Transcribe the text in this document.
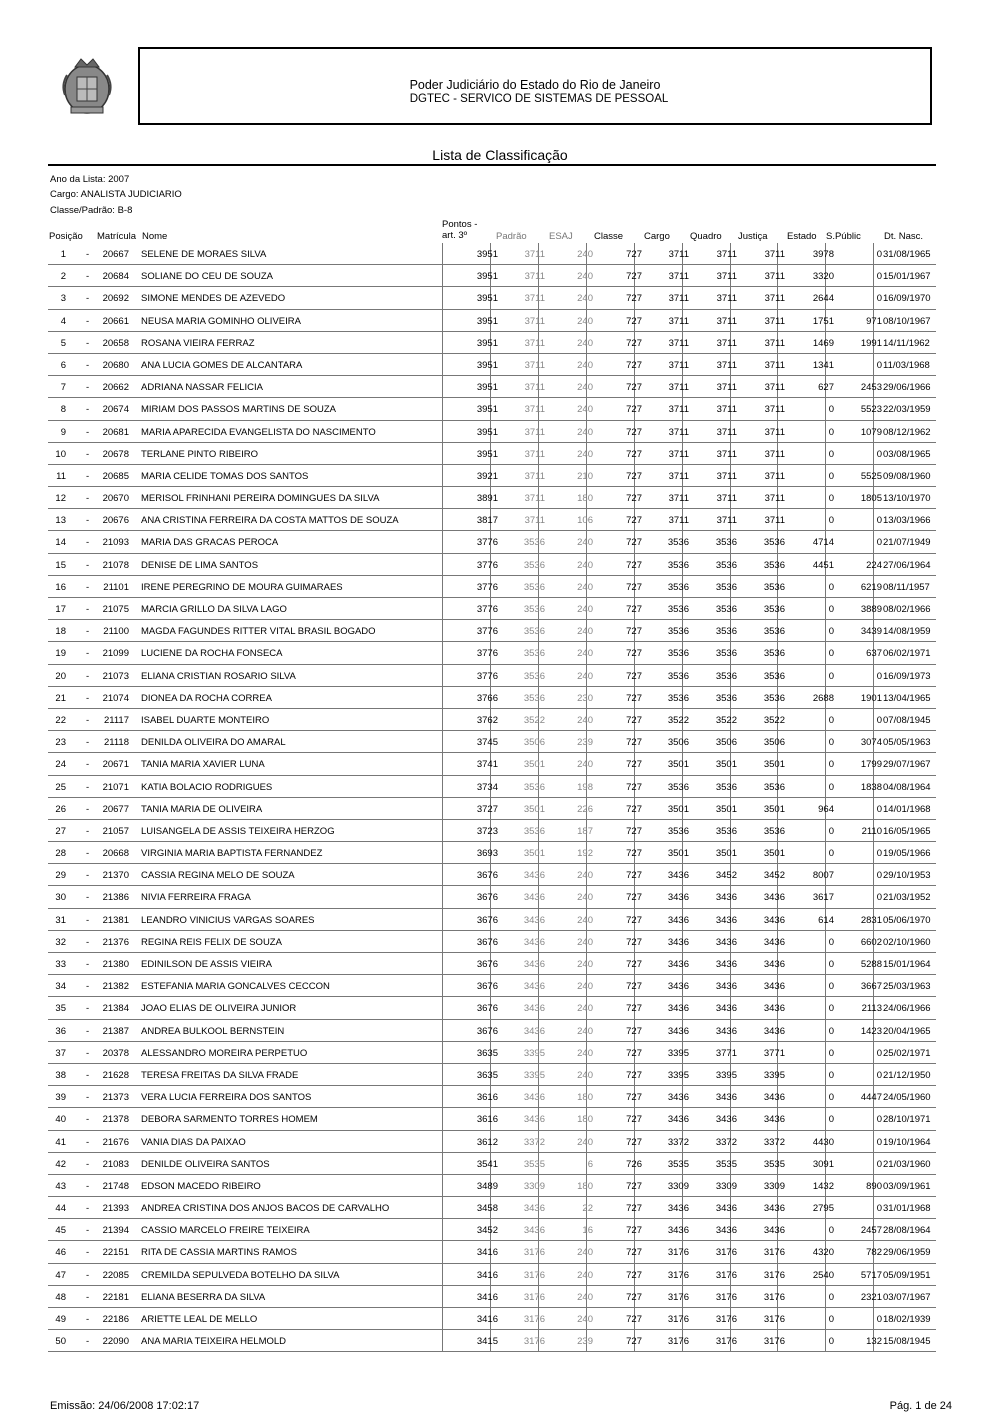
Poder Judiciário do Estado do Rio de Janeiro
DGTEC - SERVICO DE SISTEMAS DE PESSOAL
Lista de Classificação
Ano da Lista: 2007
Cargo: ANALISTA JUDICIARIO
Classe/Padrão: B-8
Posição Matrícula Nome
Pontos -
art. 3º	Padrão ESAJ Classe Cargo Quadro Justiça Estado S.Públic Dt. Nasc.
-
1	20667 SELENE DE MORAES SILVA	3951	3711	240	727	3711	3711	3711	3978	0 31/08/1965
-
2	20684 SOLIANE DO CEU DE SOUZA	3951	3711	240	727	3711	3711	3711	3320	0 15/01/1967
-
3	20692 SIMONE MENDES DE AZEVEDO	3951	3711	240	727	3711	3711	3711	2644	0 16/09/1970
-
4	20661 NEUSA MARIA GOMINHO OLIVEIRA	3951	3711	240	727	3711	3711	3711	1751	971 08/10/1967
-
5	20658 ROSANA VIEIRA FERRAZ	3951	3711	240	727	3711	3711	3711	1469	1991 14/11/1962
-
6	20680 ANA LUCIA GOMES DE ALCANTARA	3951	3711	240	727	3711	3711	3711	1341	0 11/03/1968
-
7	20662 ADRIANA NASSAR FELICIA	3951	3711	240	727	3711	3711	3711	627	2453 29/06/1966
-
8	20674 MIRIAM DOS PASSOS MARTINS DE SOUZA	3951	3711	240	727	3711	3711	3711	0	5523 22/03/1959
-
9	20681 MARIA APARECIDA EVANGELISTA DO NASCIMENTO	3951	3711	240	727	3711	3711	3711	0	1079 08/12/1962
-
10	20678 TERLANE PINTO RIBEIRO	3951	3711	240	727	3711	3711	3711	0	0 03/08/1965
-
11	20685 MARIA CELIDE TOMAS DOS SANTOS	3921	3711	210	727	3711	3711	3711	0	5525 09/08/1960
-
12	20670 MERISOL FRINHANI PEREIRA DOMINGUES DA SILVA	3891	3711	180	727	3711	3711	3711	0	1805 13/10/1970
-
13	20676 ANA CRISTINA FERREIRA DA COSTA MATTOS DE SOUZA	3817	3711	106	727	3711	3711	3711	0	0 13/03/1966
-
14	21093 MARIA DAS GRACAS PEROCA	3776	3536	240	727	3536	3536	3536	4714	0 21/07/1949
-
15	21078 DENISE DE LIMA SANTOS	3776	3536	240	727	3536	3536	3536	4451	224 27/06/1964
-
16	21101 IRENE PEREGRINO DE MOURA GUIMARAES	3776	3536	240	727	3536	3536	3536	0	6219 08/11/1957
-
17	21075 MARCIA GRILLO DA SILVA LAGO	3776	3536	240	727	3536	3536	3536	0	3889 08/02/1966
-
18	21100 MAGDA FAGUNDES RITTER VITAL BRASIL BOGADO	3776	3536	240	727	3536	3536	3536	0	3439 14/08/1959
-
19	21099 LUCIENE DA ROCHA FONSECA	3776	3536	240	727	3536	3536	3536	0	637 06/02/1971
-
20	21073 ELIANA CRISTIAN ROSARIO SILVA	3776	3536	240	727	3536	3536	3536	0	0 16/09/1973
-
21	21074 DIONEA DA ROCHA CORREA	3766	3536	230	727	3536	3536	3536	2688	1901 13/04/1965
-
22	21117 ISABEL DUARTE MONTEIRO	3762	3522	240	727	3522	3522	3522	0	0 07/08/1945
-
23	21118 DENILDA OLIVEIRA DO AMARAL	3745	3506	239	727	3506	3506	3506	0	3074 05/05/1963
-
24	20671 TANIA MARIA XAVIER LUNA	3741	3501	240	727	3501	3501	3501	0	1799 29/07/1967
-
25	21071 KATIA BOLACIO RODRIGUES	3734	3536	198	727	3536	3536	3536	0	1838 04/08/1964
-
26	20677 TANIA MARIA DE OLIVEIRA	3727	3501	226	727	3501	3501	3501	964	0 14/01/1968
-
27	21057 LUISANGELA DE ASSIS TEIXEIRA HERZOG	3723	3536	187	727	3536	3536	3536	0	2110 16/05/1965
-
28	20668 VIRGINIA MARIA BAPTISTA FERNANDEZ	3693	3501	192	727	3501	3501	3501	0	0 19/05/1966
-
29	21370 CASSIA REGINA MELO DE SOUZA	3676	3436	240	727	3436	3452	3452	8007	0 29/10/1953
-
30	21386 NIVIA FERREIRA FRAGA	3676	3436	240	727	3436	3436	3436	3617	0 21/03/1952
-
31	21381 LEANDRO VINICIUS VARGAS SOARES	3676	3436	240	727	3436	3436	3436	614	2831 05/06/1970
-
32	21376 REGINA REIS FELIX DE SOUZA	3676	3436	240	727	3436	3436	3436	0	6602 02/10/1960
-
33	21380 EDINILSON DE ASSIS VIEIRA	3676	3436	240	727	3436	3436	3436	0	5288 15/01/1964
-
34	21382 ESTEFANIA MARIA GONCALVES CECCON	3676	3436	240	727	3436	3436	3436	0	3667 25/03/1963
-
35	21384 JOAO ELIAS DE OLIVEIRA JUNIOR	3676	3436	240	727	3436	3436	3436	0	2113 24/06/1966
-
36	21387 ANDREA BULKOOL BERNSTEIN	3676	3436	240	727	3436	3436	3436	0	1423 20/04/1965
-
37	20378 ALESSANDRO MOREIRA PERPETUO	3635	3395	240	727	3395	3771	3771	0	0 25/02/1971
-
38	21628 TERESA FREITAS DA SILVA FRADE	3635	3395	240	727	3395	3395	3395	0	0 21/12/1950
-
39	21373 VERA LUCIA FERREIRA DOS SANTOS	3616	3436	180	727	3436	3436	3436	0	4447 24/05/1960
-
40	21378 DEBORA SARMENTO TORRES HOMEM	3616	3436	180	727	3436	3436	3436	0	0 28/10/1971
-
41	21676 VANIA DIAS DA PAIXAO	3612	3372	240	727	3372	3372	3372	4430	0 19/10/1964
-
42	21083 DENILDE OLIVEIRA SANTOS	3541	3535	6	726	3535	3535	3535	3091	0 21/03/1960
-
43	21748 EDSON MACEDO RIBEIRO	3489	3309	180	727	3309	3309	3309	1432	890 03/09/1961
-
44	21393 ANDREA CRISTINA DOS ANJOS BACOS DE CARVALHO	3458	3436	22	727	3436	3436	3436	2795	0 31/01/1968
-
45	21394 CASSIO MARCELO FREIRE TEIXEIRA	3452	3436	16	727	3436	3436	3436	0	2457 28/08/1964
-
46	22151 RITA DE CASSIA MARTINS RAMOS	3416	3176	240	727	3176	3176	3176	4320	782 29/06/1959
-
47	22085 CREMILDA SEPULVEDA BOTELHO DA SILVA	3416	3176	240	727	3176	3176	3176	2540	5717 05/09/1951
-
48	22181 ELIANA BESERRA DA SILVA	3416	3176	240	727	3176	3176	3176	0	2321 03/07/1967
-
49	22186 ARIETTE LEAL DE MELLO	3416	3176	240	727	3176	3176	3176	0	0 18/02/1939
-
50	22090 ANA MARIA TEIXEIRA HELMOLD	3415	3176	239	727	3176	3176	3176	0	132 15/08/1945
Emissão: 24/06/2008 17:02:17	Pág. 1 de 24
